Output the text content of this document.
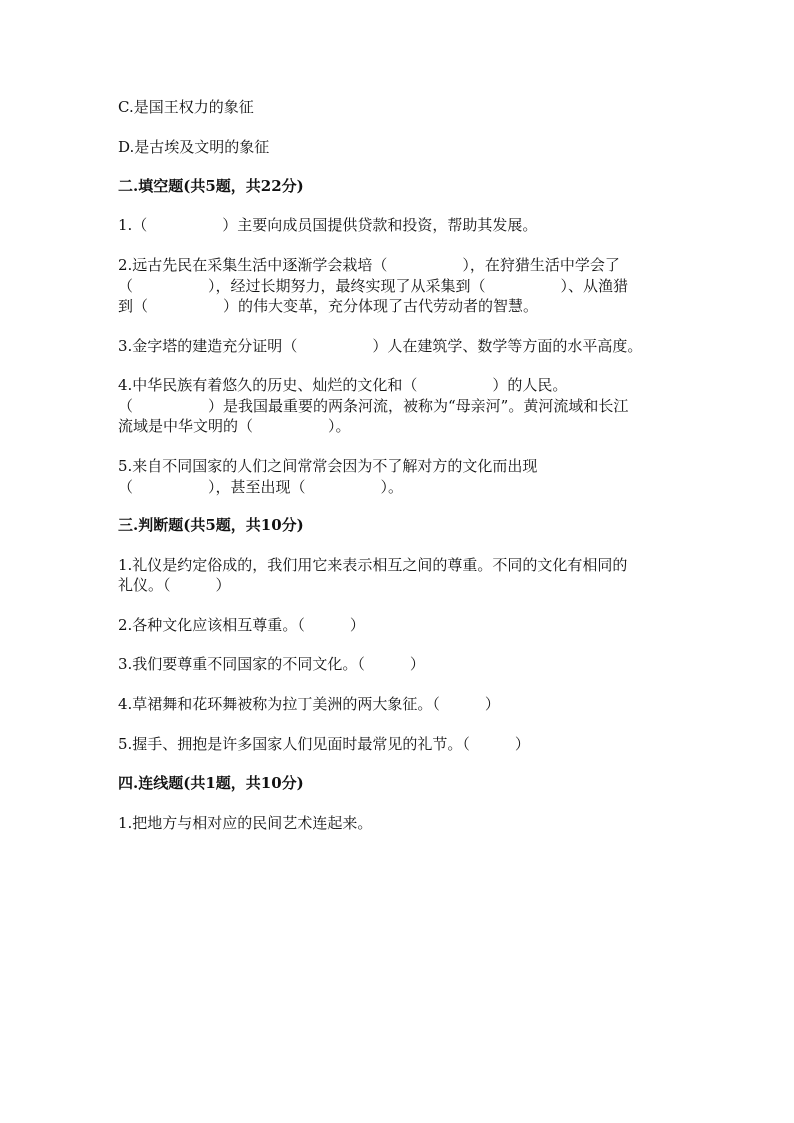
C.是国王权力的象征
D.是古埃及文明的象征
二.填空题(共5题，共22分)
1.（　　　　　）主要向成员国提供贷款和投资，帮助其发展。
2.远古先民在采集生活中逐渐学会栽培（　　　　　），在狩猎生活中学会了
（　　　　　），经过长期努力，最终实现了从采集到（　　　　　）、从渔猎
到（　　　　　）的伟大变革，充分体现了古代劳动者的智慧。
3.金字塔的建造充分证明（　　　　　）人在建筑学、数学等方面的水平高度。
4.中华民族有着悠久的历史、灿烂的文化和（　　　　　）的人民。
（　　　　　）是我国最重要的两条河流，被称为“母亲河”。黄河流域和长江
流域是中华文明的（　　　　　）。
5.来自不同国家的人们之间常常会因为不了解对方的文化而出现
（　　　　　），甚至出现（　　　　　）。
三.判断题(共5题，共10分)
1.礼仪是约定俗成的，我们用它来表示相互之间的尊重。不同的文化有相同的
礼仪。（　　　）
2.各种文化应该相互尊重。（　　　）
3.我们要尊重不同国家的不同文化。（　　　）
4.草裙舞和花环舞被称为拉丁美洲的两大象征。（　　　）
5.握手、拥抱是许多国家人们见面时最常见的礼节。（　　　）
四.连线题(共1题，共10分)
1.把地方与相对应的民间艺术连起来。
